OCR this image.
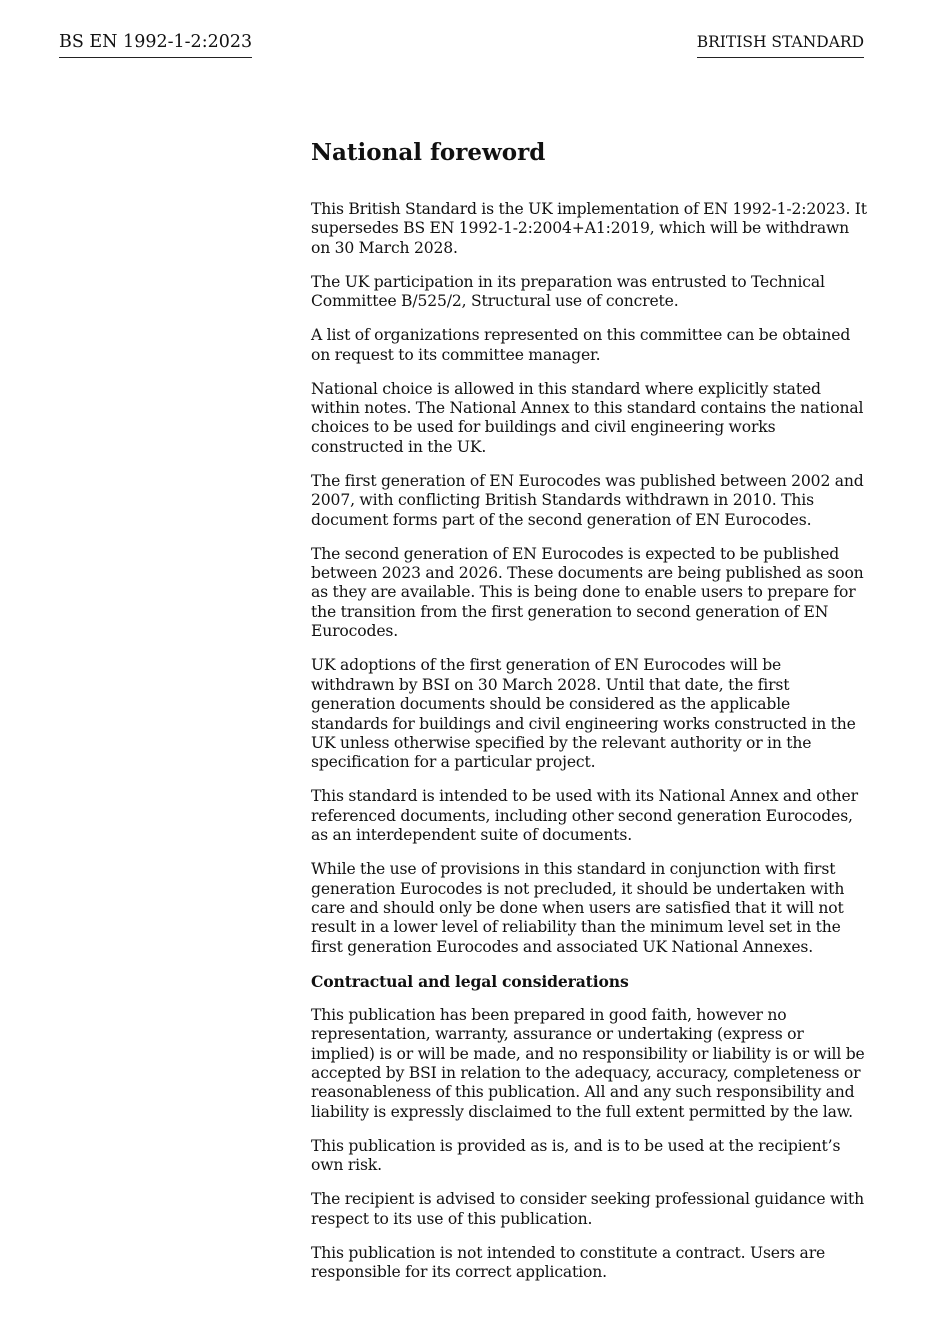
BS EN 1992-1-2:2023	BRITISH STANDARD
National foreword

This British Standard is the UK implementation of EN 1992-1-2:2023. It supersedes BS EN 1992-1-2:2004+A1:2019, which will be withdrawn on 30 March 2028.

The UK participation in its preparation was entrusted to Technical Committee B/525/2, Structural use of concrete.

A list of organizations represented on this committee can be obtained on request to its committee manager.

National choice is allowed in this standard where explicitly stated within notes. The National Annex to this standard contains the national choices to be used for buildings and civil engineering works constructed in the UK.

The first generation of EN Eurocodes was published between 2002 and 2007, with conflicting British Standards withdrawn in 2010. This document forms part of the second generation of EN Eurocodes.

The second generation of EN Eurocodes is expected to be published between 2023 and 2026. These documents are being published as soon as they are available. This is being done to enable users to prepare for the transition from the first generation to second generation of EN Eurocodes.

UK adoptions of the first generation of EN Eurocodes will be withdrawn by BSI on 30 March 2028. Until that date, the first generation documents should be considered as the applicable standards for buildings and civil engineering works constructed in the UK unless otherwise specified by the relevant authority or in the specification for a particular project.

This standard is intended to be used with its National Annex and other referenced documents, including other second generation Eurocodes, as an interdependent suite of documents.

While the use of provisions in this standard in conjunction with first generation Eurocodes is not precluded, it should be undertaken with care and should only be done when users are satisfied that it will not result in a lower level of reliability than the minimum level set in the first generation Eurocodes and associated UK National Annexes.

Contractual and legal considerations

This publication has been prepared in good faith, however no representation, warranty, assurance or undertaking (express or implied) is or will be made, and no responsibility or liability is or will be accepted by BSI in relation to the adequacy, accuracy, completeness or reasonableness of this publication. All and any such responsibility and liability is expressly disclaimed to the full extent permitted by the law.

This publication is provided as is, and is to be used at the recipient’s own risk.

The recipient is advised to consider seeking professional guidance with respect to its use of this publication.

This publication is not intended to constitute a contract. Users are responsible for its correct application.
